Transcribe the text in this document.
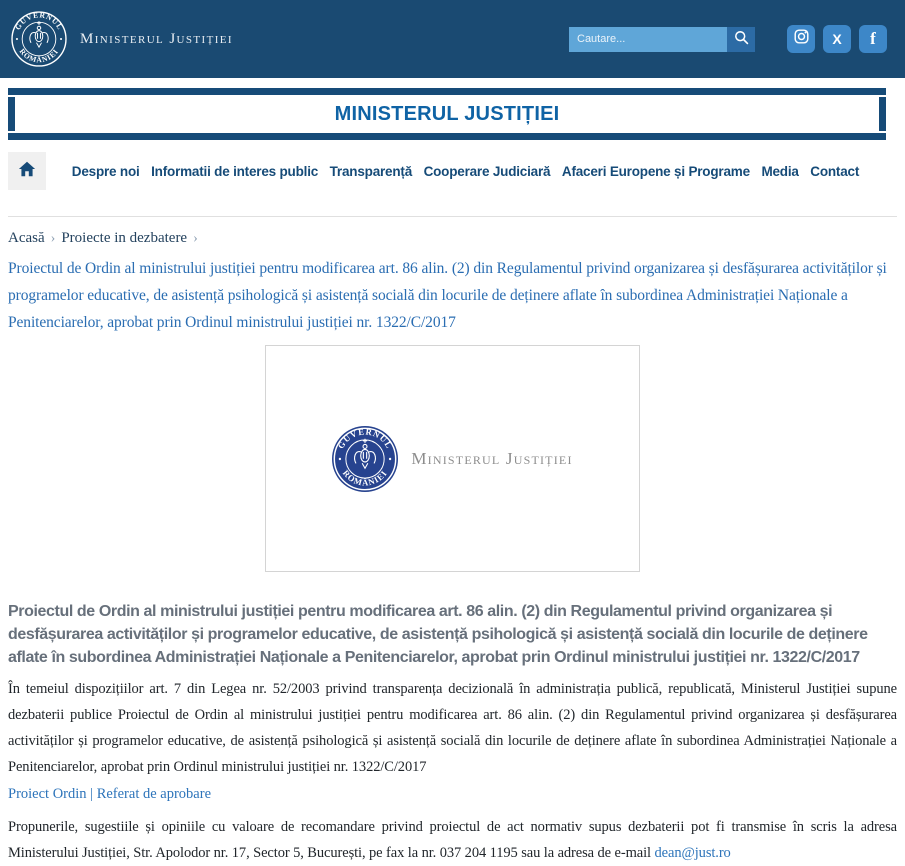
GUVERNUL
ROMÂNIEI
Ministerul Justiției
Cautare...	X f
MINISTERUL JUSTIȚIEI
Despre noi Informatii de interes public Transparență Cooperare Judiciară Afaceri Europene și Programe Media Contact
Acasă › Proiecte in dezbatere ›
Proiectul de Ordin al ministrului justiției pentru modificarea art. 86 alin. (2) din Regulamentul privind organizarea și desfășurarea activităților și programelor educative, de asistență psihologică și asistență socială din locurile de deținere aflate în subordinea Administrației Naționale a Penitenciarelor, aprobat prin Ordinul ministrului justiției nr. 1322/C/2017
GUVERNUL
ROMÂNIEI
Ministerul Justiției
Proiectul de Ordin al ministrului justiției pentru modificarea art. 86 alin. (2) din Regulamentul privind organizarea și desfășurarea activităților și programelor educative, de asistență psihologică și asistență socială din locurile de deținere aflate în subordinea Administrației Naționale a Penitenciarelor, aprobat prin Ordinul ministrului justiției nr. 1322/C/2017

În temeiul dispozițiilor art. 7 din Legea nr. 52/2003 privind transparența decizională în administrația publică, republicată, Ministerul Justiției supune dezbaterii publice Proiectul de Ordin al ministrului justiției pentru modificarea art. 86 alin. (2) din Regulamentul privind organizarea și desfășurarea activităților și programelor educative, de asistență psihologică și asistență socială din locurile de deținere aflate în subordinea Administrației Naționale a Penitenciarelor, aprobat prin Ordinul ministrului justiției nr. 1322/C/2017

Proiect Ordin | Referat de aprobare

Propunerile, sugestiile și opiniile cu valoare de recomandare privind proiectul de act normativ supus dezbaterii pot fi transmise în scris la adresa Ministerului Justiției, Str. Apolodor nr. 17, Sector 5, București, pe fax la nr. 037 204 1195 sau la adresa de e-mail dean@just.ro
